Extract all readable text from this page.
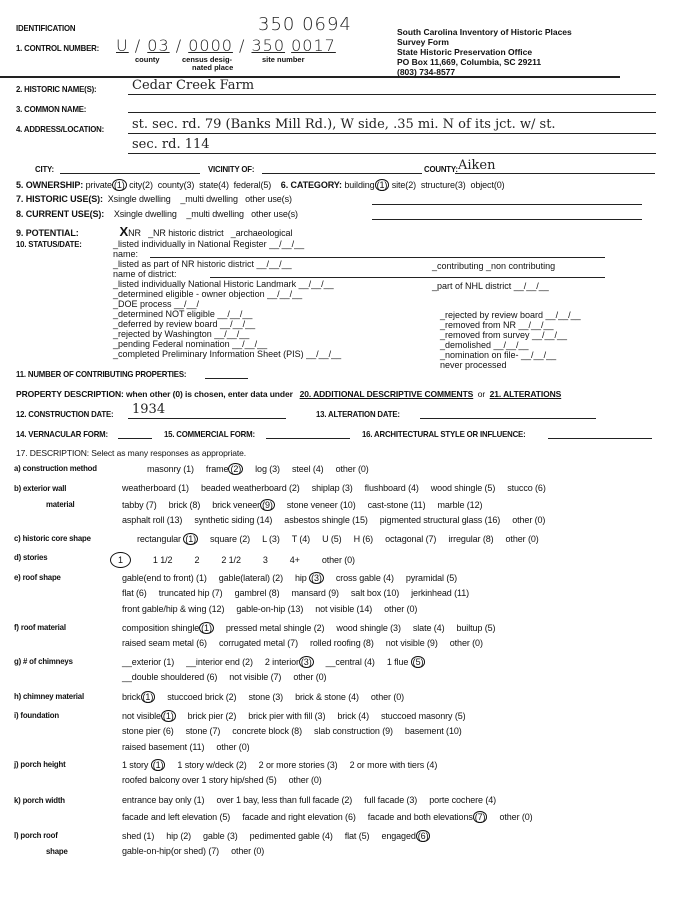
350 0694
IDENTIFICATION	South Carolina Inventory of Historic Places
Survey Form
State Historic Preservation Office
PO Box 11,669, Columbia, SC 29211
(803) 734-8577
1. CONTROL NUMBER: U / 03 / 0000 / 350 0017
county	census desig-
nated place
site number
2. HISTORIC NAME(S):	Cedar Creek Farm
3. COMMON NAME:
4. ADDRESS/LOCATION: st. sec. rd. 79 (Banks Mill Rd.), W side, .35 mi. N of its jct. w/ st.
sec. rd. 114
CITY:	VICINITY OF:	COUNTY: Aiken
5. OWNERSHIP: private (1) city(2) county(3) state(4) federal(5) 6. CATEGORY: building (1) site(2) structure(3) object(0)
7. HISTORIC USE(S): Xsingle dwelling _multi dwelling other use(s)
8. CURRENT USE(S): Xsingle dwelling _multi dwelling other use(s)
9. POTENTIAL:	XNR _NR historic district _archaeological
10. STATUS/DATE:	_listed individually in National Register __/__/__
name:
_listed as part of NR historic district __/__/__
name of district:
_listed individually National Historic Landmark __/__/__
_determined eligible - owner objection __/__/__
_DOE process __/__/
_determined NOT eligible __/__/__
_deferred by review board __/__/__
_rejected by Washington __/__/__
_pending Federal nomination __/__/__
_completed Preliminary Information Sheet (PIS) __/__/__
_contributing _non contributing
_part of NHL district __/__/__
_rejected by review board __/__/__
_removed from NR __/__/__
_removed from survey __/__/__
_demolished __/__/__
_nomination on file- __/__/__
never processed
11. NUMBER OF CONTRIBUTING PROPERTIES:
PROPERTY DESCRIPTION: when other (0) is chosen, enter data under 20. ADDITIONAL DESCRIPTIVE COMMENTS or 21. ALTERATIONS
12. CONSTRUCTION DATE: 1934	13. ALTERATION DATE:
14. VERNACULAR FORM:	15. COMMERCIAL FORM:	16. ARCHITECTURAL STYLE OR INFLUENCE:
17. DESCRIPTION: Select as many responses as appropriate.
a) construction method	masonry (1) frame (2) log (3) steel (4) other (0)
b) exterior wall
material
weatherboard (1) beaded weatherboard (2) shiplap (3) flushboard (4) wood shingle (5) stucco (6)
tabby (7) brick (8) brick veneer (9) stone veneer (10) cast-stone (11) marble (12)
asphalt roll (13) synthetic siding (14) asbestos shingle (15) pigmented structural glass (16) other (0)
c) historic core shape	rectangular (1) square (2) L (3) T (4) U (5) H (6) octagonal (7) irregular (8) other (0)
d) stories	1	1 1/2 2 2 1/2 3 4+ other (0)
e) roof shape	gable(end to front) (1) gable(lateral) (2) hip (3) cross gable (4) pyramidal (5)
flat (6) truncated hip (7) gambrel (8) mansard (9) salt box (10) jerkinhead (11)
front gable/hip & wing (12) gable-on-hip (13) not visible (14) other (0)
f) roof material	composition shingle (1) pressed metal shingle (2) wood shingle (3) slate (4) builtup (5)
raised seam metal (6) corrugated metal (7) rolled roofing (8) not visible (9) other (0)
g) # of chimneys	__exterior (1) __interior end (2) 2 interior (3) __central (4) 1 flue (5)
__double shouldered (6) not visible (7) other (0)
h) chimney material	brick (1) stuccoed brick (2) stone (3) brick & stone (4) other (0)
i) foundation	not visible (1) brick pier (2) brick pier with fill (3) brick (4) stuccoed masonry (5)
stone pier (6) stone (7) concrete block (8) slab construction (9) basement (10)
raised basement (11) other (0)
j) porch height	1 story (1) 1 story w/deck (2) 2 or more stories (3) 2 or more with tiers (4)
roofed balcony over 1 story hip/shed (5) other (0)
k) porch width	entrance bay only (1) over 1 bay, less than full facade (2) full facade (3) porte cochere (4)
facade and left elevation (5) facade and right elevation (6) facade and both elevations (7) other (0)
l) porch roof
shape
shed (1) hip (2) gable (3) pedimented gable (4) flat (5) engaged (6)
gable-on-hip(or shed) (7) other (0)
